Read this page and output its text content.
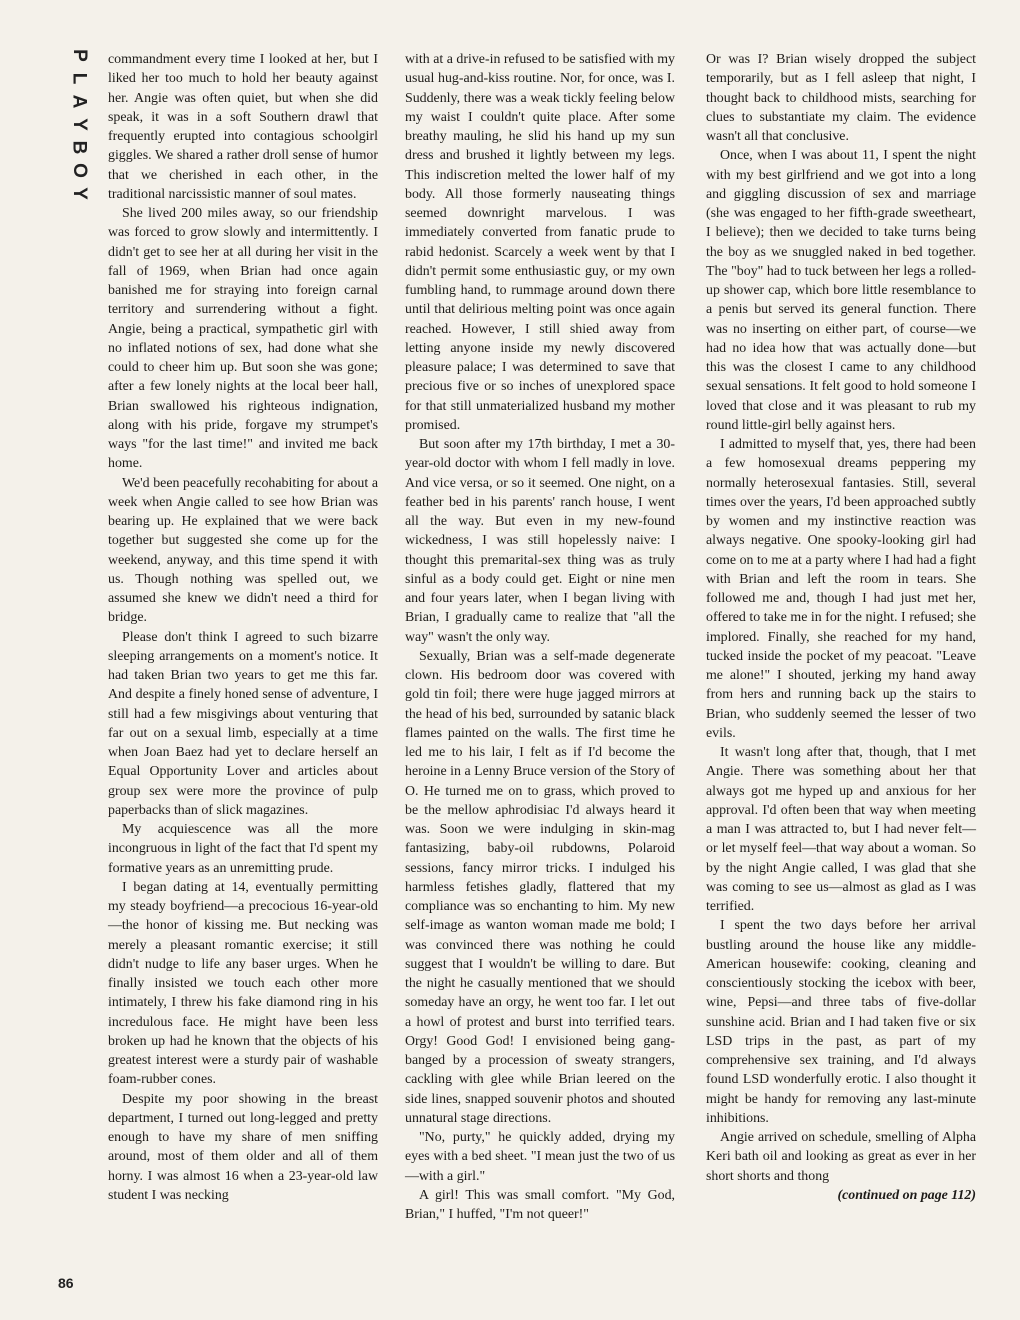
P
L
A
Y
B
O
Y
86

commandment every time I looked at her, but I liked her too much to hold her beauty against her. Angie was often quiet, but when she did speak, it was in a soft Southern drawl that frequently erupted into contagious schoolgirl giggles. We shared a rather droll sense of humor that we cherished in each other, in the traditional narcissistic manner of soul mates.

She lived 200 miles away, so our friendship was forced to grow slowly and intermittently. I didn't get to see her at all during her visit in the fall of 1969, when Brian had once again banished me for straying into foreign carnal territory and surrendering without a fight. Angie, being a practical, sympathetic girl with no inflated notions of sex, had done what she could to cheer him up. But soon she was gone; after a few lonely nights at the local beer hall, Brian swallowed his righteous indignation, along with his pride, forgave my strumpet's ways "for the last time!" and invited me back home.

We'd been peacefully recohabiting for about a week when Angie called to see how Brian was bearing up. He explained that we were back together but suggested she come up for the weekend, anyway, and this time spend it with us. Though nothing was spelled out, we assumed she knew we didn't need a third for bridge.

Please don't think I agreed to such bizarre sleeping arrangements on a moment's notice. It had taken Brian two years to get me this far. And despite a finely honed sense of adventure, I still had a few misgivings about venturing that far out on a sexual limb, especially at a time when Joan Baez had yet to declare herself an Equal Opportunity Lover and articles about group sex were more the province of pulp paperbacks than of slick magazines.

My acquiescence was all the more incongruous in light of the fact that I'd spent my formative years as an unremitting prude.

I began dating at 14, eventually permitting my steady boyfriend—a precocious 16-year-old—the honor of kissing me. But necking was merely a pleasant romantic exercise; it still didn't nudge to life any baser urges. When he finally insisted we touch each other more intimately, I threw his fake diamond ring in his incredulous face. He might have been less broken up had he known that the objects of his greatest interest were a sturdy pair of washable foam-rubber cones.

Despite my poor showing in the breast department, I turned out long-legged and pretty enough to have my share of men sniffing around, most of them older and all of them horny. I was almost 16 when a 23-year-old law student I was necking

with at a drive-in refused to be satisfied with my usual hug-and-kiss routine. Nor, for once, was I. Suddenly, there was a weak tickly feeling below my waist I couldn't quite place. After some breathy mauling, he slid his hand up my sun dress and brushed it lightly between my legs. This indiscretion melted the lower half of my body. All those formerly nauseating things seemed downright marvelous. I was immediately converted from fanatic prude to rabid hedonist. Scarcely a week went by that I didn't permit some enthusiastic guy, or my own fumbling hand, to rummage around down there until that delirious melting point was once again reached. However, I still shied away from letting anyone inside my newly discovered pleasure palace; I was determined to save that precious five or so inches of unexplored space for that still unmaterialized husband my mother promised.

But soon after my 17th birthday, I met a 30-year-old doctor with whom I fell madly in love. And vice versa, or so it seemed. One night, on a feather bed in his parents' ranch house, I went all the way. But even in my new-found wickedness, I was still hopelessly naive: I thought this premarital-sex thing was as truly sinful as a body could get. Eight or nine men and four years later, when I began living with Brian, I gradually came to realize that "all the way" wasn't the only way.

Sexually, Brian was a self-made degenerate clown. His bedroom door was covered with gold tin foil; there were huge jagged mirrors at the head of his bed, surrounded by satanic black flames painted on the walls. The first time he led me to his lair, I felt as if I'd become the heroine in a Lenny Bruce version of the Story of O. He turned me on to grass, which proved to be the mellow aphrodisiac I'd always heard it was. Soon we were indulging in skin-mag fantasizing, baby-oil rubdowns, Polaroid sessions, fancy mirror tricks. I indulged his harmless fetishes gladly, flattered that my compliance was so enchanting to him. My new self-image as wanton woman made me bold; I was convinced there was nothing he could suggest that I wouldn't be willing to dare. But the night he casually mentioned that we should someday have an orgy, he went too far. I let out a howl of protest and burst into terrified tears. Orgy! Good God! I envisioned being gang-banged by a procession of sweaty strangers, cackling with glee while Brian leered on the side lines, snapped souvenir photos and shouted unnatural stage directions.

"No, purty," he quickly added, drying my eyes with a bed sheet. "I mean just the two of us—with a girl."

A girl! This was small comfort. "My God, Brian," I huffed, "I'm not queer!"

Or was I? Brian wisely dropped the subject temporarily, but as I fell asleep that night, I thought back to childhood mists, searching for clues to substantiate my claim. The evidence wasn't all that conclusive.

Once, when I was about 11, I spent the night with my best girlfriend and we got into a long and giggling discussion of sex and marriage (she was engaged to her fifth-grade sweetheart, I believe); then we decided to take turns being the boy as we snuggled naked in bed together. The "boy" had to tuck between her legs a rolled-up shower cap, which bore little resemblance to a penis but served its general function. There was no inserting on either part, of course—we had no idea how that was actually done—but this was the closest I came to any childhood sexual sensations. It felt good to hold someone I loved that close and it was pleasant to rub my round little-girl belly against hers.

I admitted to myself that, yes, there had been a few homosexual dreams peppering my normally heterosexual fantasies. Still, several times over the years, I'd been approached subtly by women and my instinctive reaction was always negative. One spooky-looking girl had come on to me at a party where I had had a fight with Brian and left the room in tears. She followed me and, though I had just met her, offered to take me in for the night. I refused; she implored. Finally, she reached for my hand, tucked inside the pocket of my peacoat. "Leave me alone!" I shouted, jerking my hand away from hers and running back up the stairs to Brian, who suddenly seemed the lesser of two evils.

It wasn't long after that, though, that I met Angie. There was something about her that always got me hyped up and anxious for her approval. I'd often been that way when meeting a man I was attracted to, but I had never felt—or let myself feel—that way about a woman. So by the night Angie called, I was glad that she was coming to see us—almost as glad as I was terrified.

I spent the two days before her arrival bustling around the house like any middle-American housewife: cooking, cleaning and conscientiously stocking the icebox with beer, wine, Pepsi—and three tabs of five-dollar sunshine acid. Brian and I had taken five or six LSD trips in the past, as part of my comprehensive sex training, and I'd always found LSD wonderfully erotic. I also thought it might be handy for removing any last-minute inhibitions.

Angie arrived on schedule, smelling of Alpha Keri bath oil and looking as great as ever in her short shorts and thong

(continued on page 112)
